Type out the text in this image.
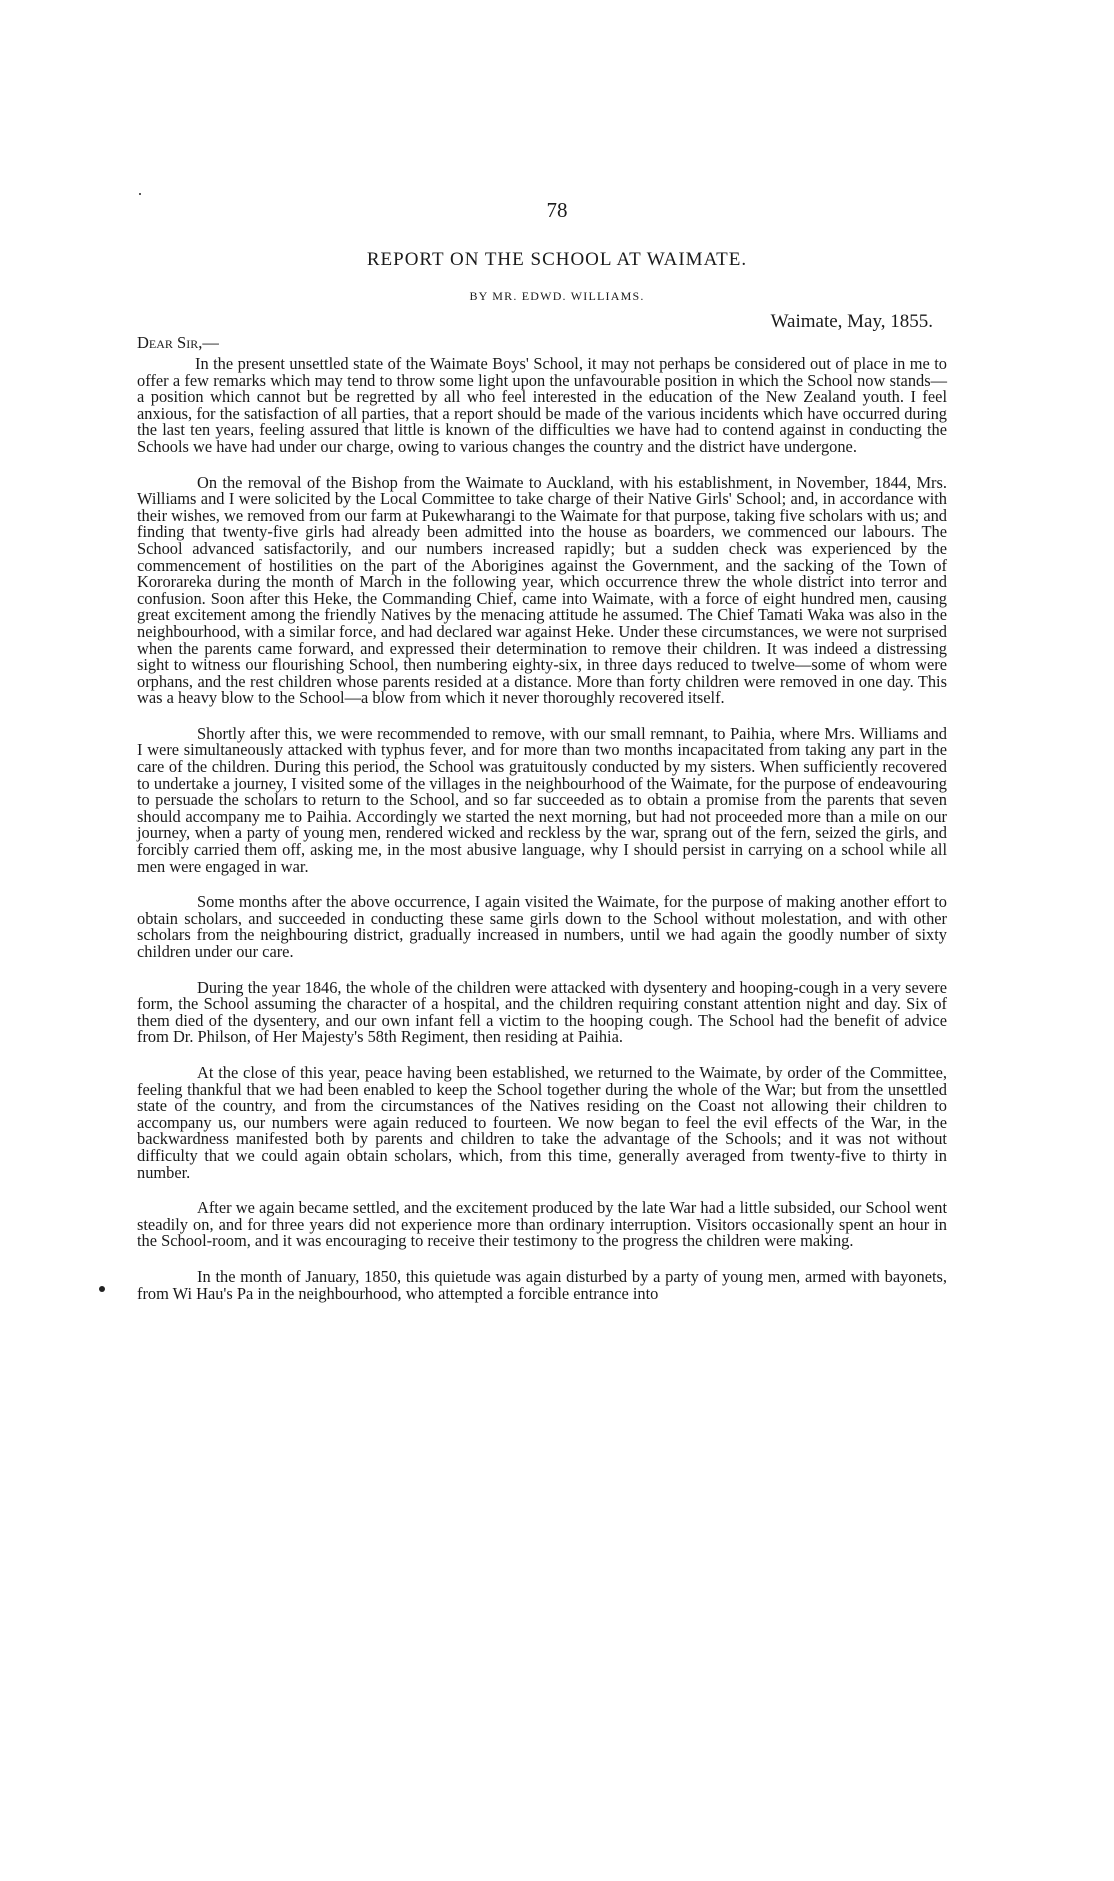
78
REPORT ON THE SCHOOL AT WAIMATE.
BY MR. EDWD. WILLIAMS.
Waimate, May, 1855.
Dear Sir,—

In the present unsettled state of the Waimate Boys' School, it may not perhaps be considered out of place in me to offer a few remarks which may tend to throw some light upon the unfavourable position in which the School now stands—a position which cannot but be regretted by all who feel interested in the education of the New Zealand youth. I feel anxious, for the satisfaction of all parties, that a report should be made of the various incidents which have occurred during the last ten years, feeling assured that little is known of the difficulties we have had to contend against in conducting the Schools we have had under our charge, owing to various changes the country and the district have undergone.

On the removal of the Bishop from the Waimate to Auckland, with his establishment, in November, 1844, Mrs. Williams and I were solicited by the Local Committee to take charge of their Native Girls' School; and, in accordance with their wishes, we removed from our farm at Pukewharangi to the Waimate for that purpose, taking five scholars with us; and finding that twenty-five girls had already been admitted into the house as boarders, we commenced our labours. The School advanced satisfactorily, and our numbers increased rapidly; but a sudden check was experienced by the commencement of hostilities on the part of the Aborigines against the Government, and the sacking of the Town of Kororareka during the month of March in the following year, which occurrence threw the whole district into terror and confusion. Soon after this Heke, the Commanding Chief, came into Waimate, with a force of eight hundred men, causing great excitement among the friendly Natives by the menacing attitude he assumed. The Chief Tamati Waka was also in the neighbourhood, with a similar force, and had declared war against Heke. Under these circumstances, we were not surprised when the parents came forward, and expressed their determination to remove their children. It was indeed a distressing sight to witness our flourishing School, then numbering eighty-six, in three days reduced to twelve—some of whom were orphans, and the rest children whose parents resided at a distance. More than forty children were removed in one day. This was a heavy blow to the School—a blow from which it never thoroughly recovered itself.

Shortly after this, we were recommended to remove, with our small remnant, to Paihia, where Mrs. Williams and I were simultaneously attacked with typhus fever, and for more than two months incapacitated from taking any part in the care of the children. During this period, the School was gratuitously conducted by my sisters. When sufficiently recovered to undertake a journey, I visited some of the villages in the neighbourhood of the Waimate, for the purpose of endeavouring to persuade the scholars to return to the School, and so far succeeded as to obtain a promise from the parents that seven should accompany me to Paihia. Accordingly we started the next morning, but had not proceeded more than a mile on our journey, when a party of young men, rendered wicked and reckless by the war, sprang out of the fern, seized the girls, and forcibly carried them off, asking me, in the most abusive language, why I should persist in carrying on a school while all men were engaged in war.

Some months after the above occurrence, I again visited the Waimate, for the purpose of making another effort to obtain scholars, and succeeded in conducting these same girls down to the School without molestation, and with other scholars from the neighbouring district, gradually increased in numbers, until we had again the goodly number of sixty children under our care.

During the year 1846, the whole of the children were attacked with dysentery and hooping-cough in a very severe form, the School assuming the character of a hospital, and the children requiring constant attention night and day. Six of them died of the dysentery, and our own infant fell a victim to the hooping cough. The School had the benefit of advice from Dr. Philson, of Her Majesty's 58th Regiment, then residing at Paihia.

At the close of this year, peace having been established, we returned to the Waimate, by order of the Committee, feeling thankful that we had been enabled to keep the School together during the whole of the War; but from the unsettled state of the country, and from the circumstances of the Natives residing on the Coast not allowing their children to accompany us, our numbers were again reduced to fourteen. We now began to feel the evil effects of the War, in the backwardness manifested both by parents and children to take the advantage of the Schools; and it was not without difficulty that we could again obtain scholars, which, from this time, generally averaged from twenty-five to thirty in number.

After we again became settled, and the excitement produced by the late War had a little subsided, our School went steadily on, and for three years did not experience more than ordinary interruption. Visitors occasionally spent an hour in the School-room, and it was encouraging to receive their testimony to the progress the children were making.

In the month of January, 1850, this quietude was again disturbed by a party of young men, armed with bayonets, from Wi Hau's Pa in the neighbourhood, who attempted a forcible entrance into
